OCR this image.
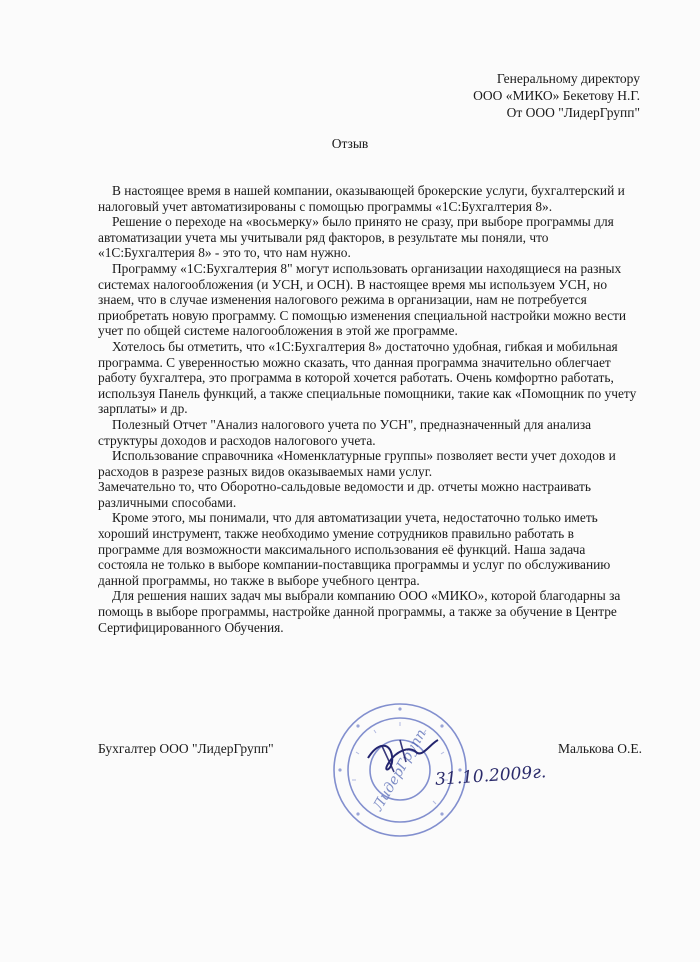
Генеральному директору
ООО «МИКО» Бекетову Н.Г.
От ООО "ЛидерГрупп"
Отзыв

В настоящее время в нашей компании, оказывающей брокерские услуги, бухгалтерский и налоговый учет автоматизированы с помощью программы «1С:Бухгалтерия 8».

Решение о переходе на «восьмерку» было принято не сразу, при выборе программы для автоматизации учета мы учитывали ряд факторов, в результате мы поняли, что «1С:Бухгалтерия 8» - это то, что нам нужно.

Программу «1С:Бухгалтерия 8" могут использовать организации находящиеся на разных системах налогообложения (и УСН, и ОСН). В настоящее время мы используем УСН, но знаем, что в случае изменения налогового режима в организации, нам не потребуется приобретать новую программу. С помощью изменения специальной настройки можно вести учет по общей системе налогообложения в этой же программе.

Хотелось бы отметить, что «1С:Бухгалтерия 8» достаточно удобная, гибкая и мобильная программа. С уверенностью можно сказать, что данная программа значительно облегчает работу бухгалтера, это программа в которой хочется работать. Очень комфортно работать, используя Панель функций, а также специальные помощники, такие как «Помощник по учету зарплаты» и др.

Полезный Отчет "Анализ налогового учета по УСН", предназначенный для анализа структуры доходов и расходов налогового учета.

Использование справочника «Номенклатурные группы» позволяет вести учет доходов и расходов в разрезе разных видов оказываемых нами услуг.

Замечательно то, что Оборотно-сальдовые ведомости и др. отчеты можно настраивать различными способами.

Кроме этого, мы понимали, что для автоматизации учета, недостаточно только иметь хороший инструмент, также необходимо умение сотрудников правильно работать в программе для возможности максимального использования её функций. Наша задача состояла не только в выборе компании-поставщика программы и услуг по обслуживанию данной программы, но также в выборе учебного центра.

Для решения наших задач мы выбрали компанию ООО «МИКО», которой благодарны за помощь в выборе программы, настройке данной программы, а также за обучение в Центре Сертифицированного Обучения.

ЛидерГрупп
Бухгалтер ООО "ЛидерГрупп"	Малькова О.Е.
31.10.2009г.
